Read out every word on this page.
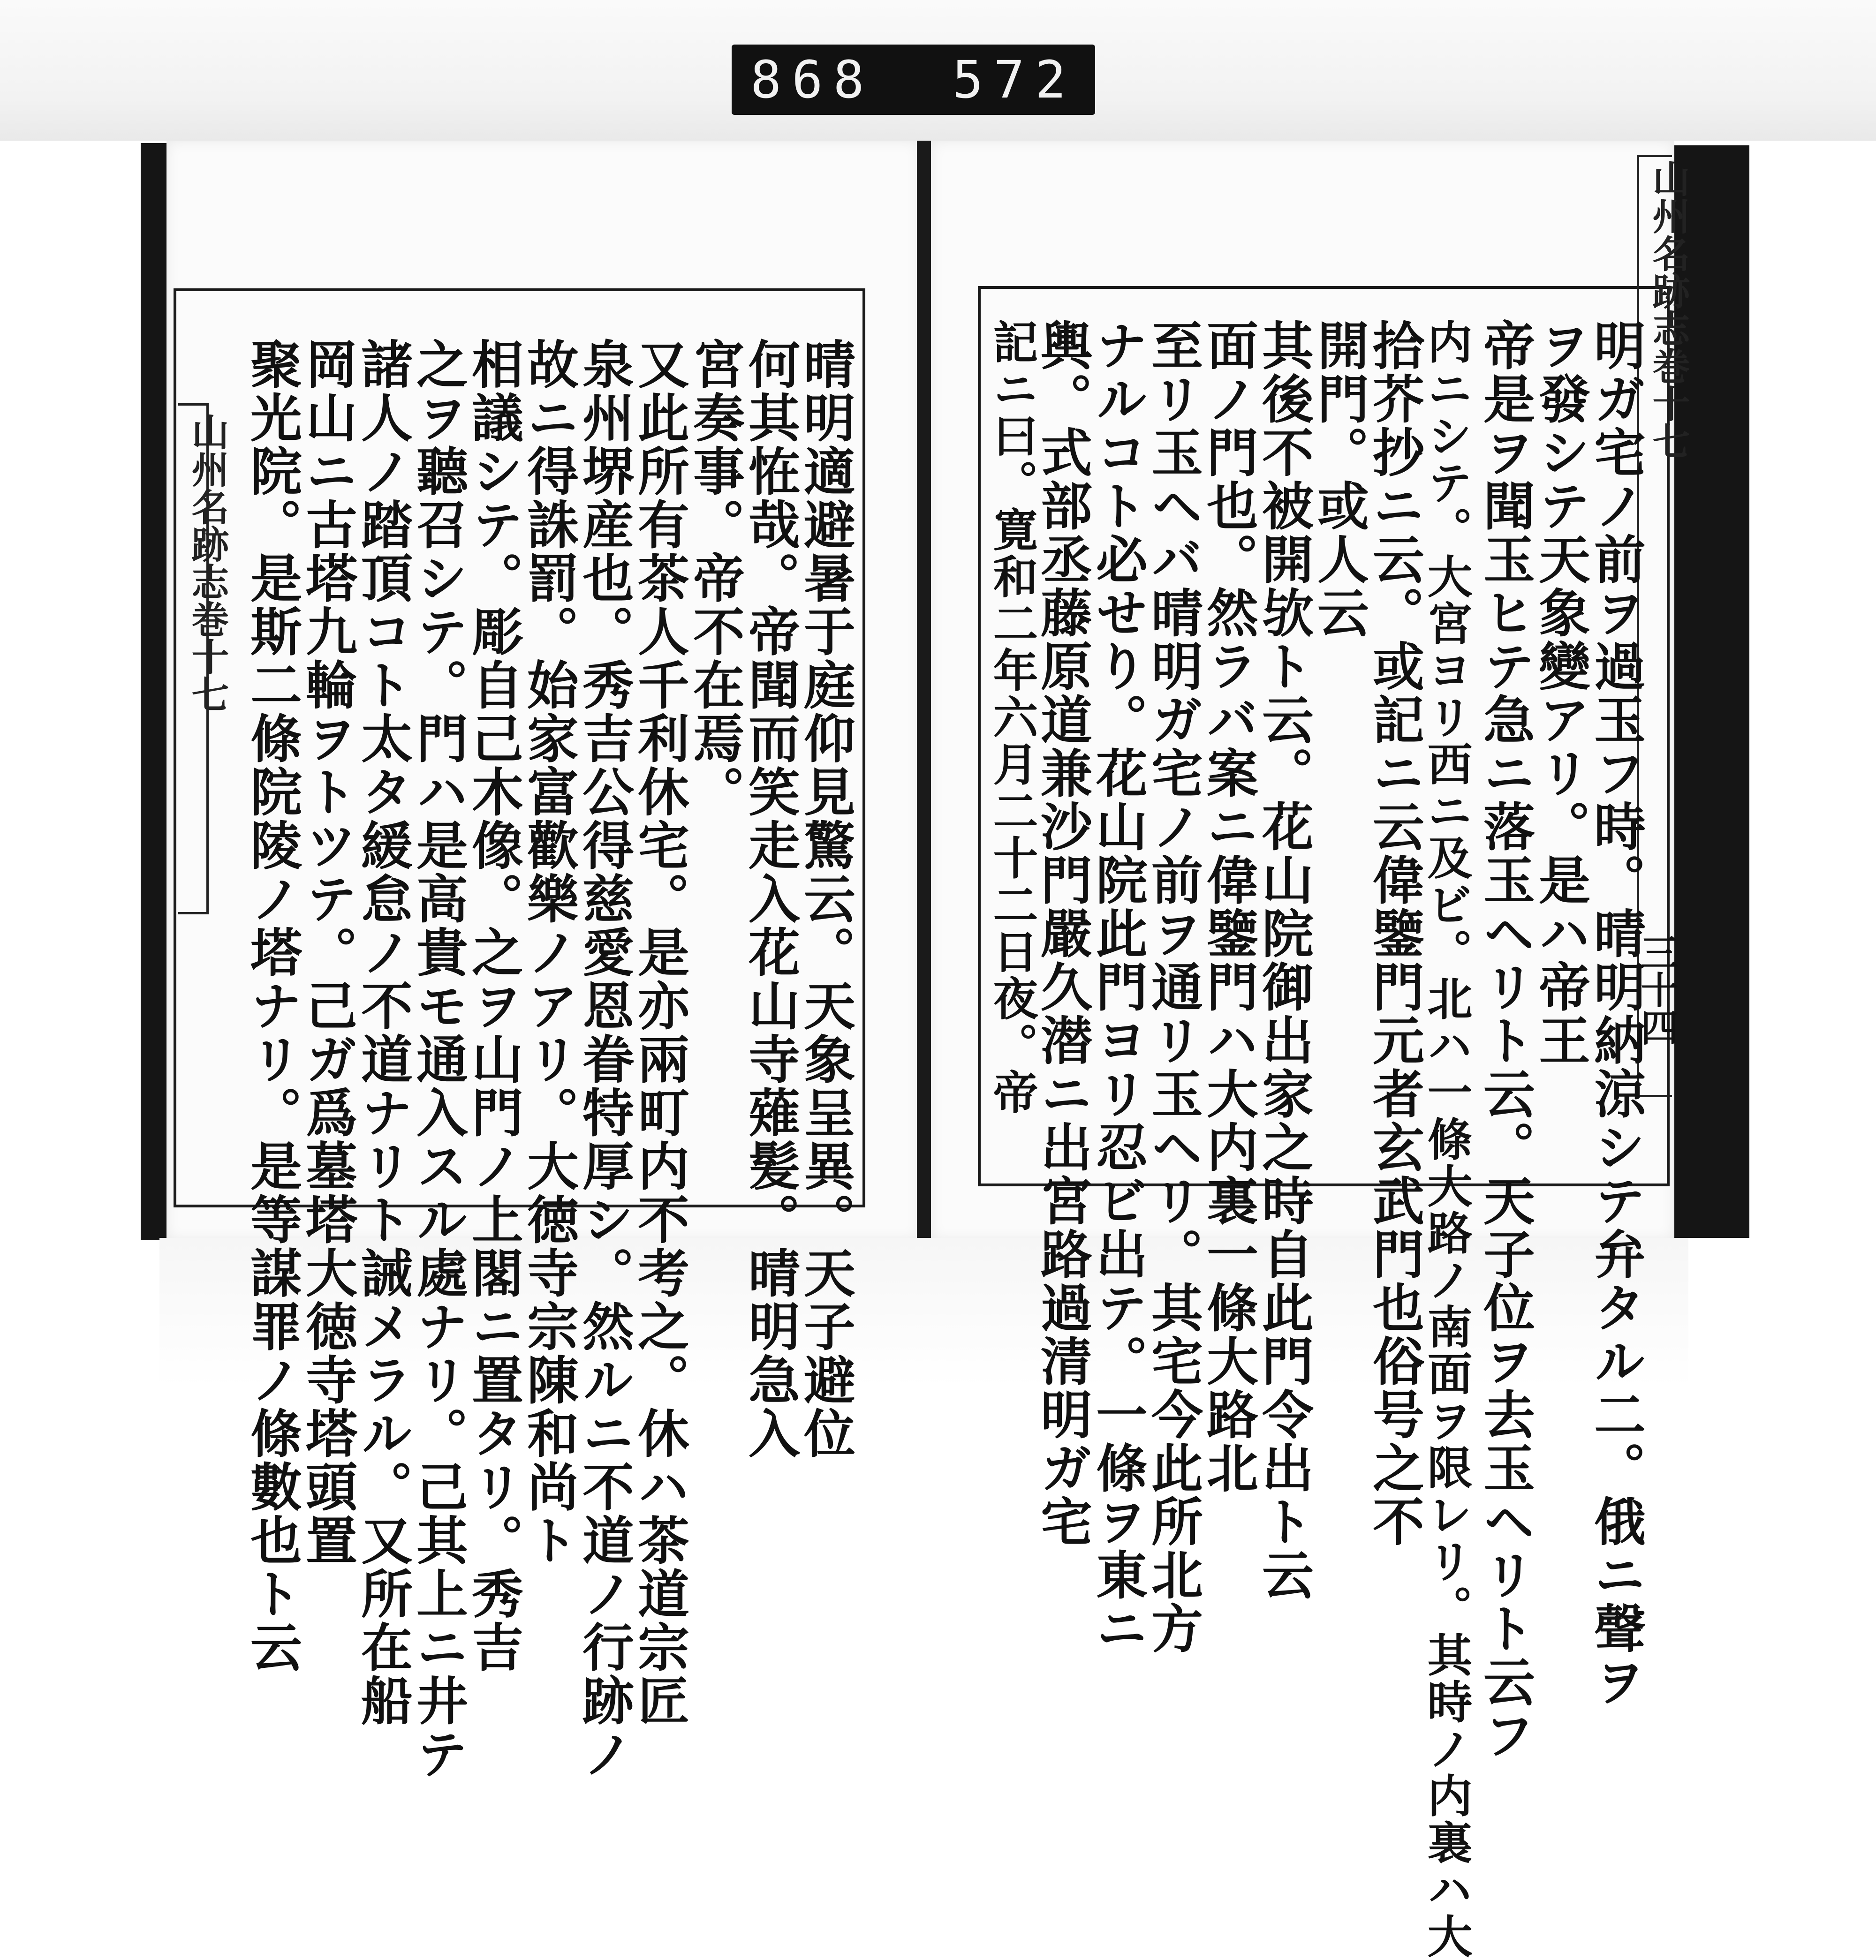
868 572
山州名跡志巻十七
三十四
明ガ宅ノ前ヲ過玉フ時。晴明納涼シテ弁タル二。俄ニ聲ヲ
ヲ發シテ天象變アリ。是ハ帝王
帝是ヲ聞玉ヒテ急ニ落玉ヘリト云。天子位ヲ去玉ヘリト云フ
内ニシテ。大宮ヨリ西ニ及ビ。北ハ一條大路ノ南面ヲ限レリ。其時ノ内裏ハ大
拾芥抄ニ云。或記ニ云偉鑒門元者玄武門也俗号之不
開門。或人云
其後不被開欤ト云。花山院御出家之時自此門令出ト云
面ノ門也。然ラバ案ニ偉鑒門ハ大内裏一條大路北
至リ玉ヘバ晴明ガ宅ノ前ヲ通リ玉ヘリ。其宅今此所北方
ナルコト必せり。花山院此門ヨリ忍ビ出テ。一條ヲ東ニ
輿。式部丞藤原道兼沙門嚴久潜ニ出宮路過清明ガ宅
記ニ曰。寛和二年六月二十二日夜。帝
山州名跡志巻十七	晴明適避暑于庭仰見驚云。天象呈異。天子避位
何其恠哉。帝聞而笑走入花山寺薙髪。晴明急入
宮奏事。帝不在焉。
又此所有茶人千利休宅。是亦兩町内不考之。休ハ茶道宗匠
泉州堺産也。秀吉公得慈愛恩眷特厚シ。然ルニ不道ノ行跡ノ
故ニ得誅罰。始家富歡樂ノアリ。大徳寺宗陳和尚ト
相議シテ。彫自己木像。之ヲ山門ノ上閣ニ置タリ。秀吉
之ヲ聽召シテ。門ハ是高貴モ通入スル處ナリ。己其上ニ井テ
諸人ノ踏頂コト太タ緩怠ノ不道ナリト誡メラル。又所在船
岡山ニ古塔九輪ヲトツテ。己ガ爲墓塔大徳寺塔頭置
聚光院。是斯二條院陵ノ塔ナリ。是等謀罪ノ條數也ト云
